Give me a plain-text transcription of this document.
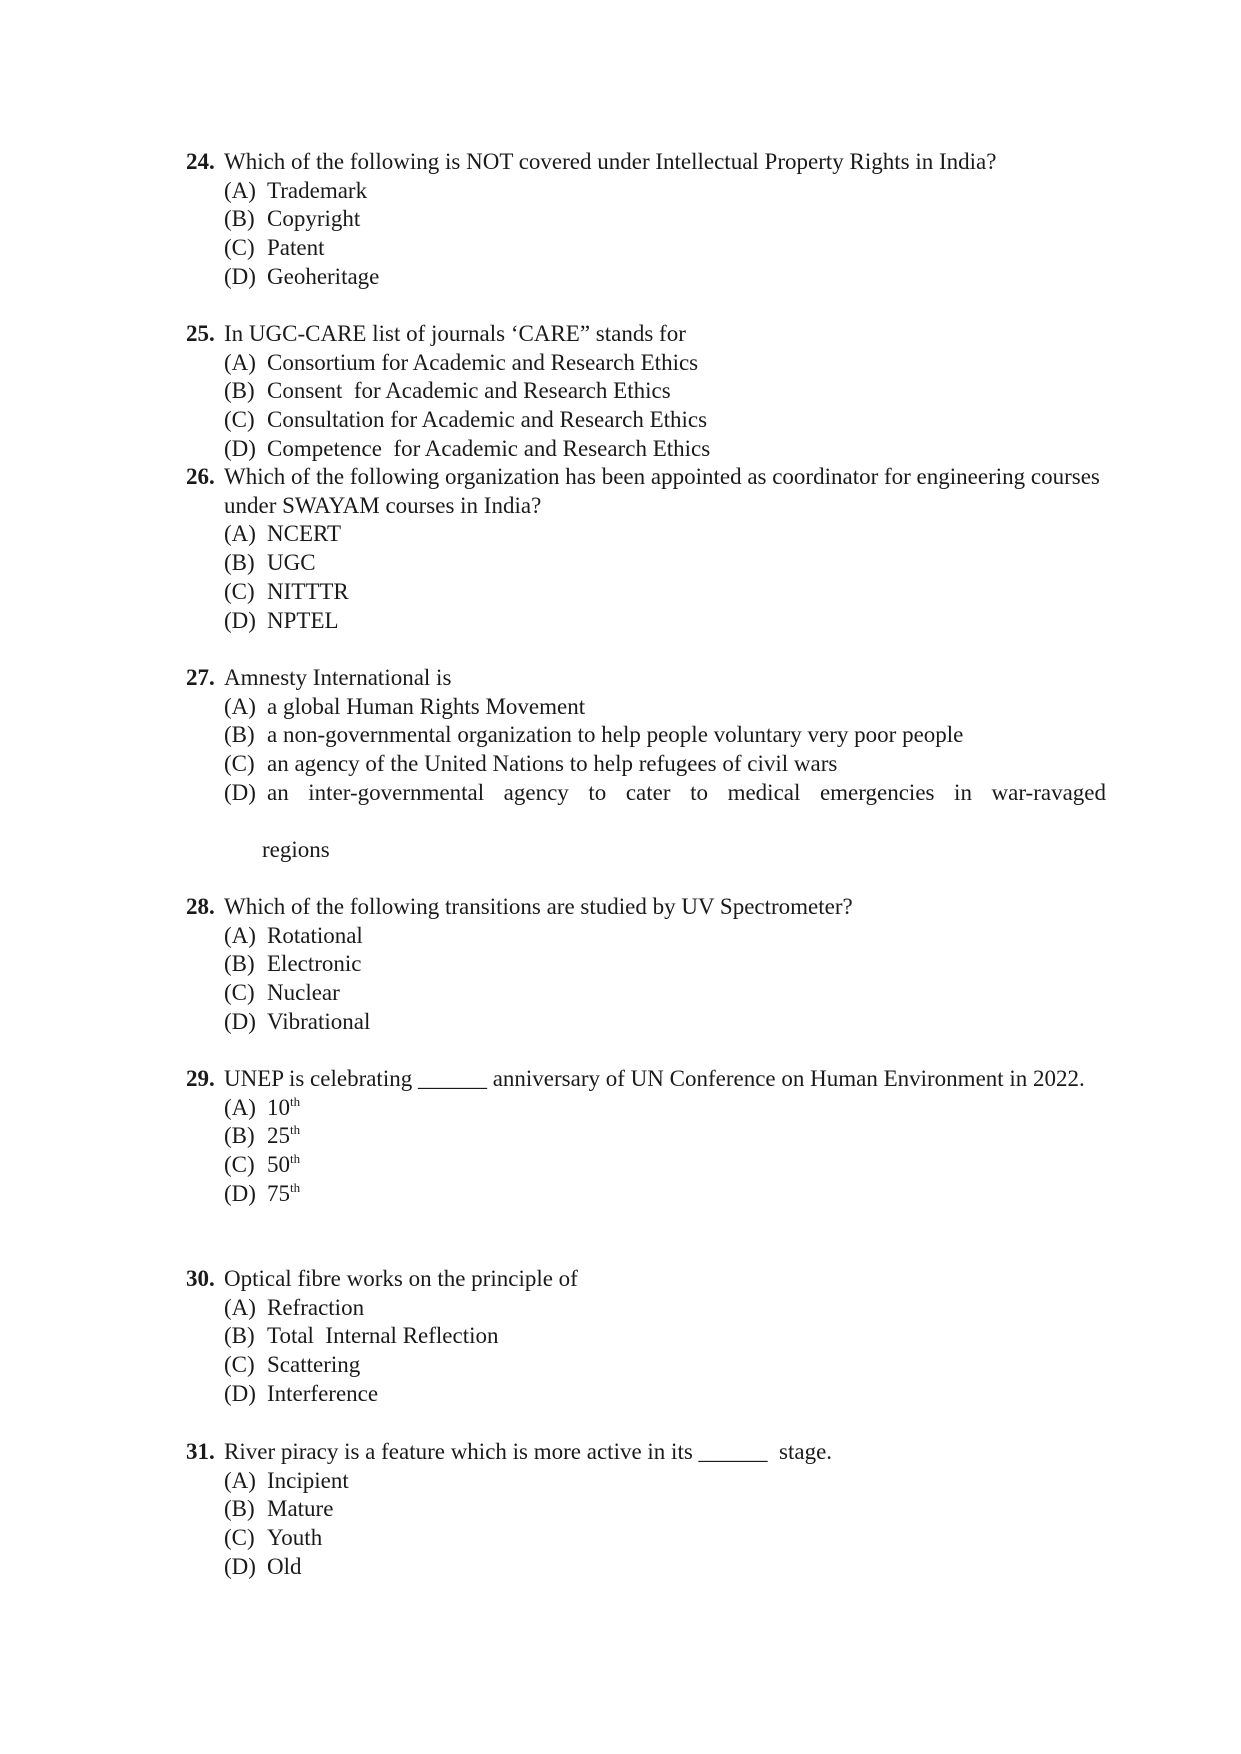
24. Which of the following is NOT covered under Intellectual Property Rights in India?
(A) Trademark
(B) Copyright
(C) Patent
(D) Geoheritage
25. In UGC-CARE list of journals ‘CARE” stands for
(A) Consortium for Academic and Research Ethics
(B) Consent  for Academic and Research Ethics
(C) Consultation for Academic and Research Ethics
(D) Competence  for Academic and Research Ethics
26. Which of the following organization has been appointed as coordinator for engineering courses under SWAYAM courses in India?
(A) NCERT
(B) UGC
(C) NITTTR
(D) NPTEL
27. Amnesty International is
(A) a global Human Rights Movement
(B) a non-governmental organization to help people voluntary very poor people
(C) an agency of the United Nations to help refugees of civil wars
(D) an inter-governmental agency to cater to medical emergencies in war-ravaged
regions
28. Which of the following transitions are studied by UV Spectrometer?
(A) Rotational
(B) Electronic
(C) Nuclear
(D) Vibrational
29. UNEP is celebrating ______ anniversary of UN Conference on Human Environment in 2022.
(A) 10th
(B) 25th
(C) 50th
(D) 75th
30. Optical fibre works on the principle of
(A) Refraction
(B) Total  Internal Reflection
(C) Scattering
(D) Interference
31. River piracy is a feature which is more active in its ______  stage.
(A) Incipient
(B) Mature
(C) Youth
(D) Old
